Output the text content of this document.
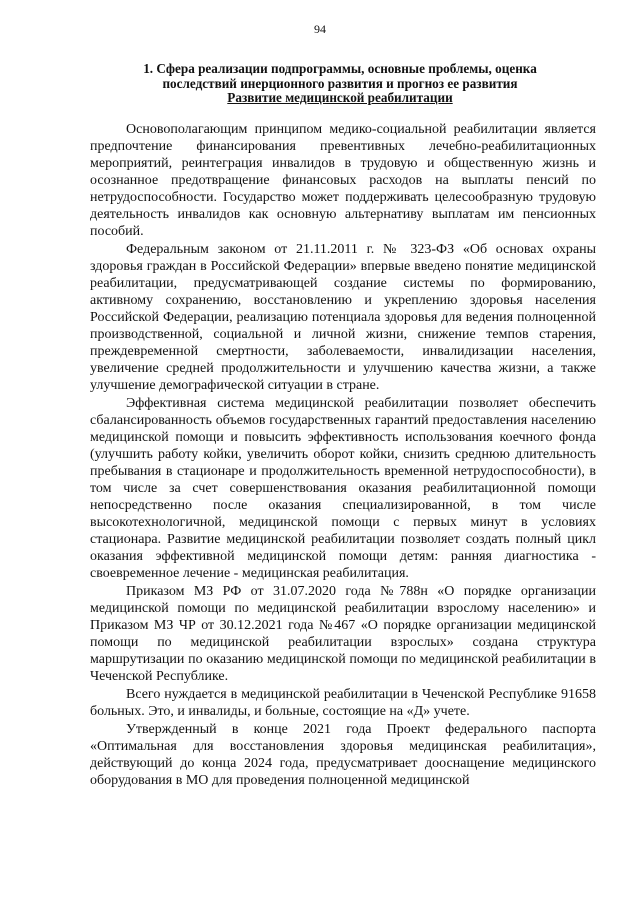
94
1. Сфера реализации подпрограммы, основные проблемы, оценка
последствий инерционного развития и прогноз ее развития
Развитие медицинской реабилитации

Основополагающим принципом медико-социальной реабилитации является предпочтение финансирования превентивных лечебно-реабилитационных мероприятий, реинтеграция инвалидов в трудовую и общественную жизнь и осознанное предотвращение финансовых расходов на выплаты пенсий по нетрудоспособности. Государство может поддерживать целесообразную трудовую деятельность инвалидов как основную альтернативу выплатам им пенсионных пособий.

Федеральным законом от 21.11.2011 г. № 323-ФЗ «Об основах охраны здоровья граждан в Российской Федерации» впервые введено понятие медицинской реабилитации, предусматривающей создание системы по формированию, активному сохранению, восстановлению и укреплению здоровья населения Российской Федерации, реализацию потенциала здоровья для ведения полноценной производственной, социальной и личной жизни, снижение темпов старения, преждевременной смертности, заболеваемости, инвалидизации населения, увеличение средней продолжительности и улучшению качества жизни, а также улучшение демографической ситуации в стране.

Эффективная система медицинской реабилитации позволяет обеспечить сбалансированность объемов государственных гарантий предоставления населению медицинской помощи и повысить эффективность использования коечного фонда (улучшить работу койки, увеличить оборот койки, снизить среднюю длительность пребывания в стационаре и продолжительность временной нетрудоспособности), в том числе за счет совершенствования оказания реабилитационной помощи непосредственно после оказания специализированной, в том числе высокотехнологичной, медицинской помощи с первых минут в условиях стационара. Развитие медицинской реабилитации позволяет создать полный цикл оказания эффективной медицинской помощи детям: ранняя диагностика - своевременное лечение - медицинская реабилитация.

Приказом МЗ РФ от 31.07.2020 года №788н «О порядке организации медицинской помощи по медицинской реабилитации взрослому населению» и Приказом МЗ ЧР от 30.12.2021 года №467 «О порядке организации медицинской помощи по медицинской реабилитации взрослых» создана структура маршрутизации по оказанию медицинской помощи по медицинской реабилитации в Чеченской Республике.

Всего нуждается в медицинской реабилитации в Чеченской Республике 91658 больных. Это, и инвалиды, и больные, состоящие на «Д» учете.

Утвержденный в конце 2021 года Проект федерального паспорта «Оптимальная для восстановления здоровья медицинская реабилитация», действующий до конца 2024 года, предусматривает дооснащение медицинского оборудования в МО для проведения полноценной медицинской
